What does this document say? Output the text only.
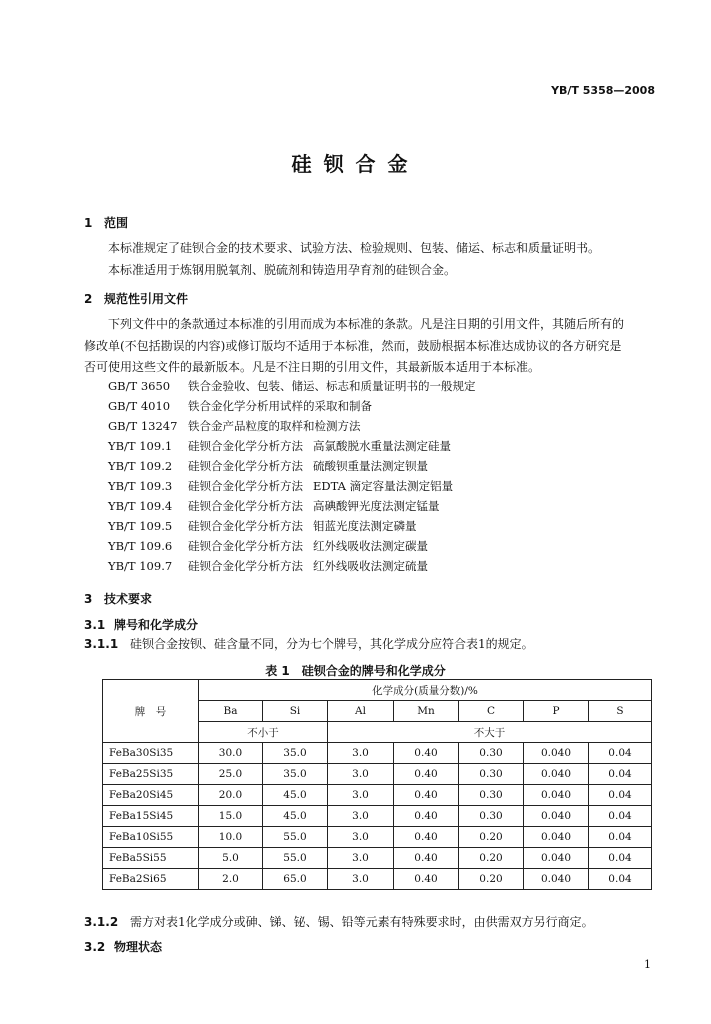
YB/T 5358—2008
硅钡合金
1 范围
本标准规定了硅钡合金的技术要求、试验方法、检验规则、包装、储运、标志和质量证明书。
本标准适用于炼钢用脱氧剂、脱硫剂和铸造用孕育剂的硅钡合金。
2 规范性引用文件
下列文件中的条款通过本标准的引用而成为本标准的条款。凡是注日期的引用文件，其随后所有的
修改单(不包括勘误的内容)或修订版均不适用于本标准，然而，鼓励根据本标准达成协议的各方研究是
否可使用这些文件的最新版本。凡是不注日期的引用文件，其最新版本适用于本标准。
GB/T 3650 铁合金验收、包装、储运、标志和质量证明书的一般规定
GB/T 4010 铁合金化学分析用试样的采取和制备
GB/T 13247 铁合金产品粒度的取样和检测方法
YB/T 109.1 硅钡合金化学分析方法 高氯酸脱水重量法测定硅量
YB/T 109.2 硅钡合金化学分析方法 硫酸钡重量法测定钡量
YB/T 109.3 硅钡合金化学分析方法 EDTA 滴定容量法测定铝量
YB/T 109.4 硅钡合金化学分析方法 高碘酸钾光度法测定锰量
YB/T 109.5 硅钡合金化学分析方法 钼蓝光度法测定磷量
YB/T 109.6 硅钡合金化学分析方法 红外线吸收法测定碳量
YB/T 109.7 硅钡合金化学分析方法 红外线吸收法测定硫量
3 技术要求
3.1 牌号和化学成分
3.1.1 硅钡合金按钡、硅含量不同，分为七个牌号，其化学成分应符合表1的规定。
表 1　硅钡合金的牌号和化学成分
牌　号	化学成分(质量分数)/%						
	Ba	Si	Al	Mn	C	P	S
	不小于		不大于				
FeBa30Si35	30.0	35.0	3.0	0.40	0.30	0.040	0.04
FeBa25Si35	25.0	35.0	3.0	0.40	0.30	0.040	0.04
FeBa20Si45	20.0	45.0	3.0	0.40	0.30	0.040	0.04
FeBa15Si45	15.0	45.0	3.0	0.40	0.30	0.040	0.04
FeBa10Si55	10.0	55.0	3.0	0.40	0.20	0.040	0.04
FeBa5Si55	5.0	55.0	3.0	0.40	0.20	0.040	0.04
FeBa2Si65	2.0	65.0	3.0	0.40	0.20	0.040	0.04
3.1.2 需方对表1化学成分或砷、锑、铋、锡、铅等元素有特殊要求时，由供需双方另行商定。
3.2 物理状态
1
